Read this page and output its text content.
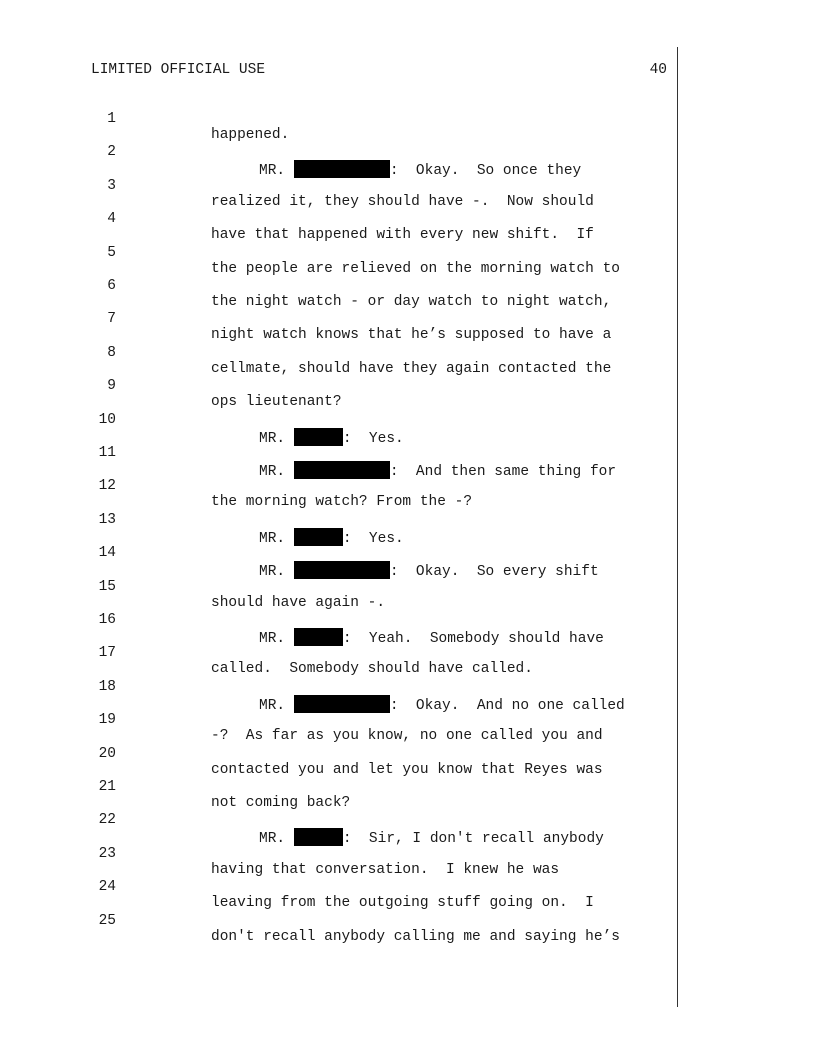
LIMITED OFFICIAL USE	40

1

happened.

2

MR.	:  Okay.  So once they

3

realized it, they should have -.  Now should

4

have that happened with every new shift.  If

5

the people are relieved on the morning watch to

6

the night watch - or day watch to night watch,

7

night watch knows that he’s supposed to have a

8

cellmate, should have they again contacted the

9

ops lieutenant?

10

MR.	:  Yes.

11

MR.	:  And then same thing for

12

the morning watch? From the -?

13

MR.	:  Yes.

14

MR.	:  Okay.  So every shift

15

should have again -.

16

MR.	:  Yeah.  Somebody should have

17

called.  Somebody should have called.

18

MR.	:  Okay.  And no one called

19

-?  As far as you know, no one called you and

20

contacted you and let you know that Reyes was

21

not coming back?

22

MR.	:  Sir, I don't recall anybody

23

having that conversation.  I knew he was

24

leaving from the outgoing stuff going on.  I

25

don't recall anybody calling me and saying he’s
